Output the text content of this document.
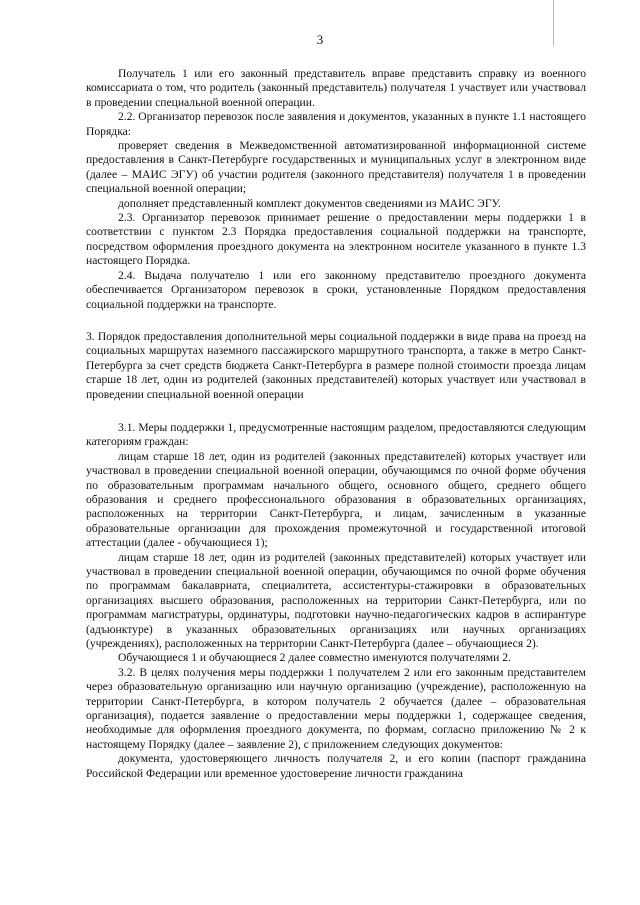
3

Получатель 1 или его законный представитель вправе представить справку из военного комиссариата о том, что родитель (законный представитель) получателя 1 участвует или участвовал в проведении специальной военной операции.

2.2. Организатор перевозок после заявления и документов, указанных в пункте 1.1 настоящего Порядка:

проверяет сведения в Межведомственной автоматизированной информационной системе предоставления в Санкт-Петербурге государственных и муниципальных услуг в электронном виде (далее – МАИС ЭГУ) об участии родителя (законного представителя) получателя 1 в проведении специальной военной операции;

дополняет представленный комплект документов сведениями из МАИС ЭГУ.

2.3. Организатор перевозок принимает решение о предоставлении меры поддержки 1 в соответствии с пунктом 2.3 Порядка предоставления социальной поддержки на транспорте, посредством оформления проездного документа на электронном носителе указанного в пункте 1.3 настоящего Порядка.

2.4. Выдача получателю 1 или его законному представителю проездного документа обеспечивается Организатором перевозок в сроки, установленные Порядком предоставления социальной поддержки на транспорте.

3. Порядок предоставления дополнительной меры социальной поддержки в виде права на проезд на социальных маршрутах наземного пассажирского маршрутного транспорта, а также в метро Санкт-Петербурга за счет средств бюджета Санкт-Петербурга в размере полной стоимости проезда лицам старше 18 лет, один из родителей (законных представителей) которых участвует или участвовал в проведении специальной военной операции

3.1. Меры поддержки 1, предусмотренные настоящим разделом, предоставляются следующим категориям граждан:

лицам старше 18 лет, один из родителей (законных представителей) которых участвует или участвовал в проведении специальной военной операции, обучающимся по очной форме обучения по образовательным программам начального общего, основного общего, среднего общего образования и среднего профессионального образования в образовательных организациях, расположенных на территории Санкт-Петербурга, и лицам, зачисленным в указанные образовательные организации для прохождения промежуточной и государственной итоговой аттестации (далее - обучающиеся 1);

лицам старше 18 лет, один из родителей (законных представителей) которых участвует или участвовал в проведении специальной военной операции, обучающимся по очной форме обучения по программам бакалавриата, специалитета, ассистентуры-стажировки в образовательных организациях высшего образования, расположенных на территории Санкт-Петербурга, или по программам магистратуры, ординатуры, подготовки научно-педагогических кадров в аспирантуре (адъюнктуре) в указанных образовательных организациях или научных организациях (учреждениях), расположенных на территории Санкт-Петербурга (далее – обучающиеся 2).

Обучающиеся 1 и обучающиеся 2 далее совместно именуются получателями 2.

3.2. В целях получения меры поддержки 1 получателем 2 или его законным представителем через образовательную организацию или научную организацию (учреждение), расположенную на территории Санкт-Петербурга, в котором получатель 2 обучается (далее – образовательная организация), подается заявление о предоставлении меры поддержки 1, содержащее сведения, необходимые для оформления проездного документа, по формам, согласно приложению № 2 к настоящему Порядку (далее – заявление 2), с приложением следующих документов:

документа, удостоверяющего личность получателя 2, и его копии (паспорт гражданина Российской Федерации или временное удостоверение личности гражданина
